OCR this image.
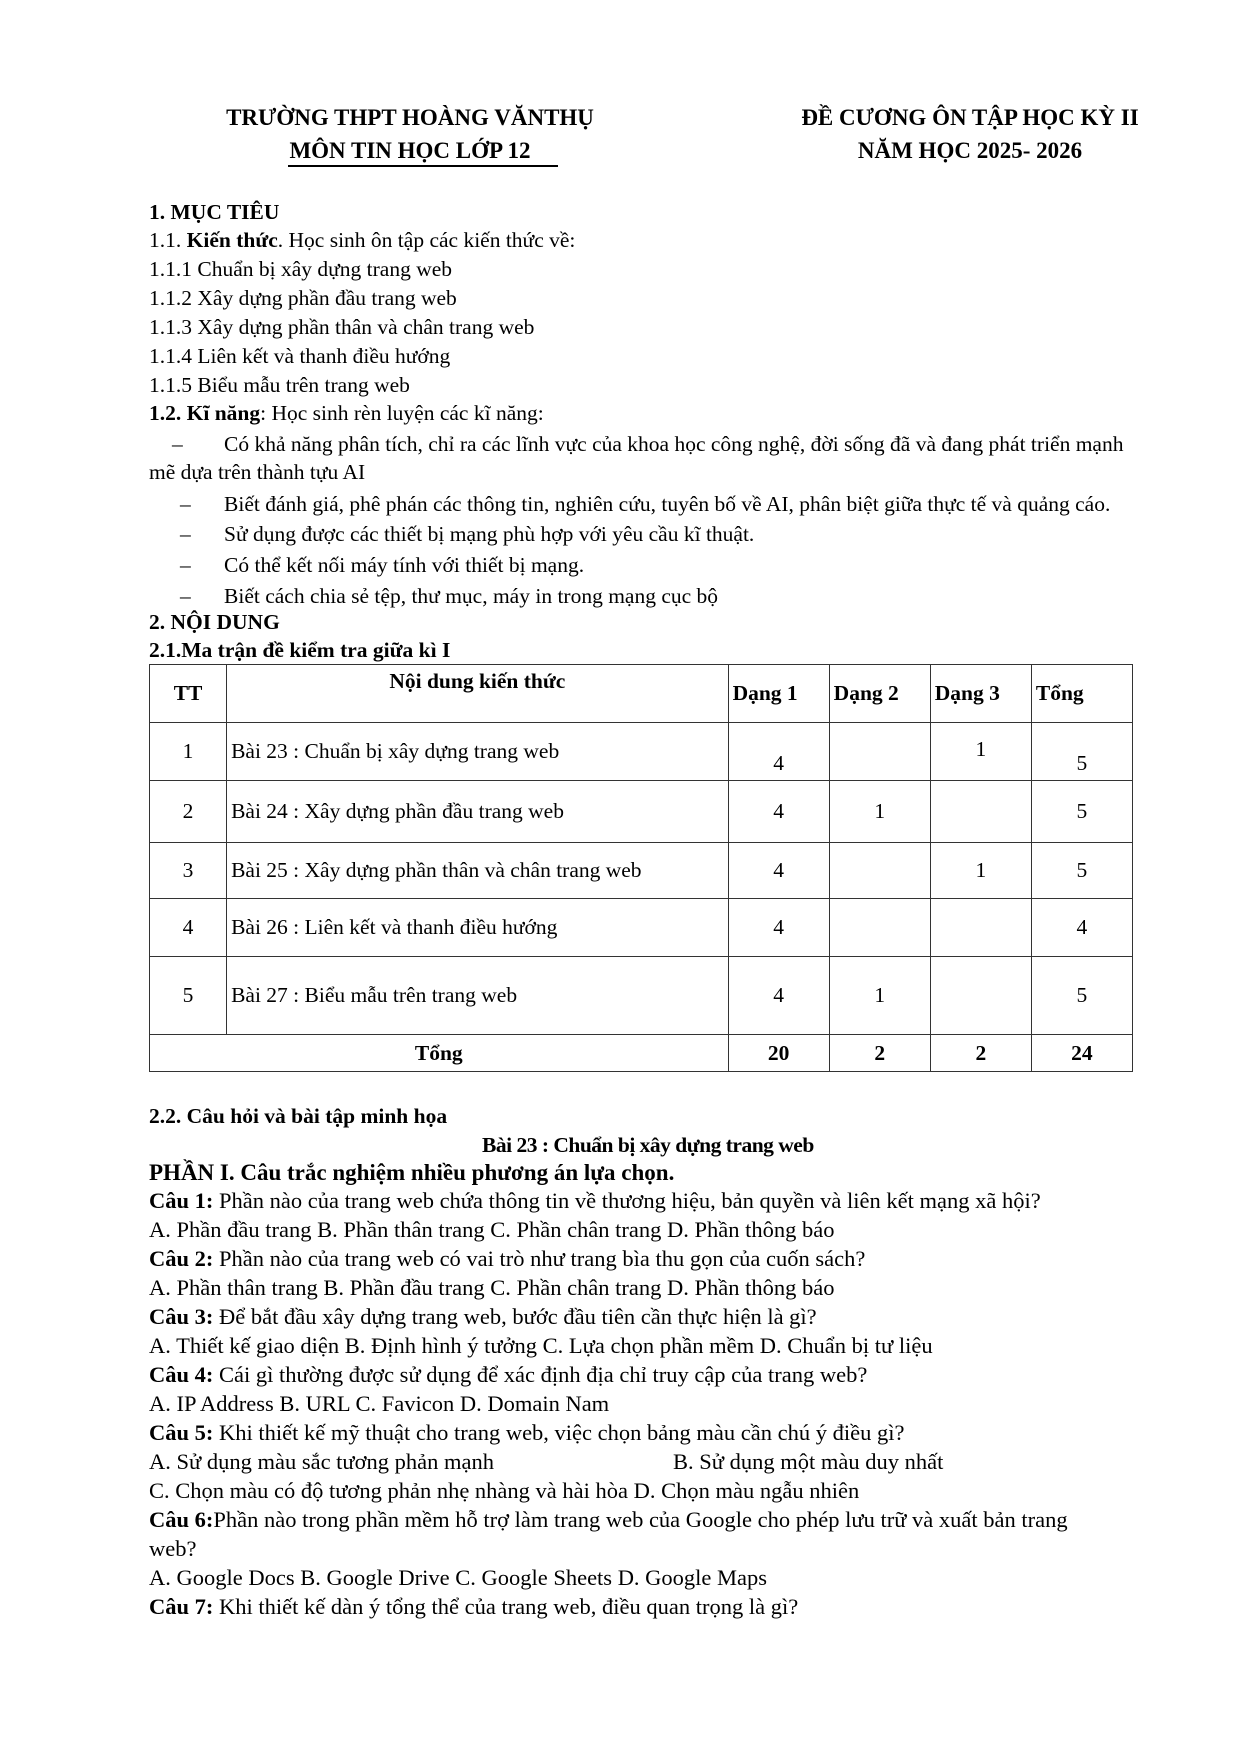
TRƯỜNG THPT HOÀNG VĂNTHỤ
MÔN TIN HỌC LỚP 12
ĐỀ CƯƠNG ÔN TẬP HỌC KỲ II
NĂM HỌC 2025- 2026
1. MỤC TIÊU
1.1. Kiến thức. Học sinh ôn tập các kiến thức về:
1.1.1 Chuẩn bị xây dựng trang web
1.1.2 Xây dựng phần đầu trang web
1.1.3 Xây dựng phần thân và chân trang web
1.1.4 Liên kết và thanh điều hướng
1.1.5 Biểu mẫu trên trang web
1.2. Kĩ năng: Học sinh rèn luyện các kĩ năng:
– Có khả năng phân tích, chỉ ra các lĩnh vực của khoa học công nghệ, đời sống đã và đang phát triển mạnh
mẽ dựa trên thành tựu AI
– Biết đánh giá, phê phán các thông tin, nghiên cứu, tuyên bố về AI, phân biệt giữa thực tế và quảng cáo.
– Sử dụng được các thiết bị mạng phù hợp với yêu cầu kĩ thuật.
– Có thể kết nối máy tính với thiết bị mạng.
– Biết cách chia sẻ tệp, thư mục, máy in trong mạng cục bộ
2. NỘI DUNG
2.1.Ma trận đề kiểm tra giữa kì I
TT	Nội dung kiến thức	Dạng 1	Dạng 2	Dạng 3	Tổng
1	Bài 23 : Chuẩn bị xây dựng trang web	4		1	5
2	Bài 24 : Xây dựng phần đầu trang web	4	1		5
3	Bài 25 : Xây dựng phần thân và chân trang web	4		1	5
4	Bài 26 : Liên kết và thanh điều hướng	4			4
5	Bài 27 : Biểu mẫu trên trang web	4	1		5
Tổng		20	2	2	24
2.2. Câu hỏi và bài tập minh họa
Bài 23 : Chuẩn bị xây dựng trang web
PHẦN I. Câu trắc nghiệm nhiều phương án lựa chọn.
Câu 1: Phần nào của trang web chứa thông tin về thương hiệu, bản quyền và liên kết mạng xã hội?
A. Phần đầu trang B. Phần thân trang C. Phần chân trang D. Phần thông báo
Câu 2: Phần nào của trang web có vai trò như trang bìa thu gọn của cuốn sách?
A. Phần thân trang B. Phần đầu trang C. Phần chân trang D. Phần thông báo
Câu 3: Để bắt đầu xây dựng trang web, bước đầu tiên cần thực hiện là gì?
A. Thiết kế giao diện B. Định hình ý tưởng C. Lựa chọn phần mềm D. Chuẩn bị tư liệu
Câu 4: Cái gì thường được sử dụng để xác định địa chỉ truy cập của trang web?
A. IP Address B. URL C. Favicon D. Domain Nam
Câu 5: Khi thiết kế mỹ thuật cho trang web, việc chọn bảng màu cần chú ý điều gì?
A. Sử dụng màu sắc tương phản mạnh	B. Sử dụng một màu duy nhất
C. Chọn màu có độ tương phản nhẹ nhàng và hài hòa D. Chọn màu ngẫu nhiên
Câu 6:Phần nào trong phần mềm hỗ trợ làm trang web của Google cho phép lưu trữ và xuất bản trang
web?
A. Google Docs B. Google Drive C. Google Sheets D. Google Maps
Câu 7: Khi thiết kế dàn ý tổng thể của trang web, điều quan trọng là gì?
